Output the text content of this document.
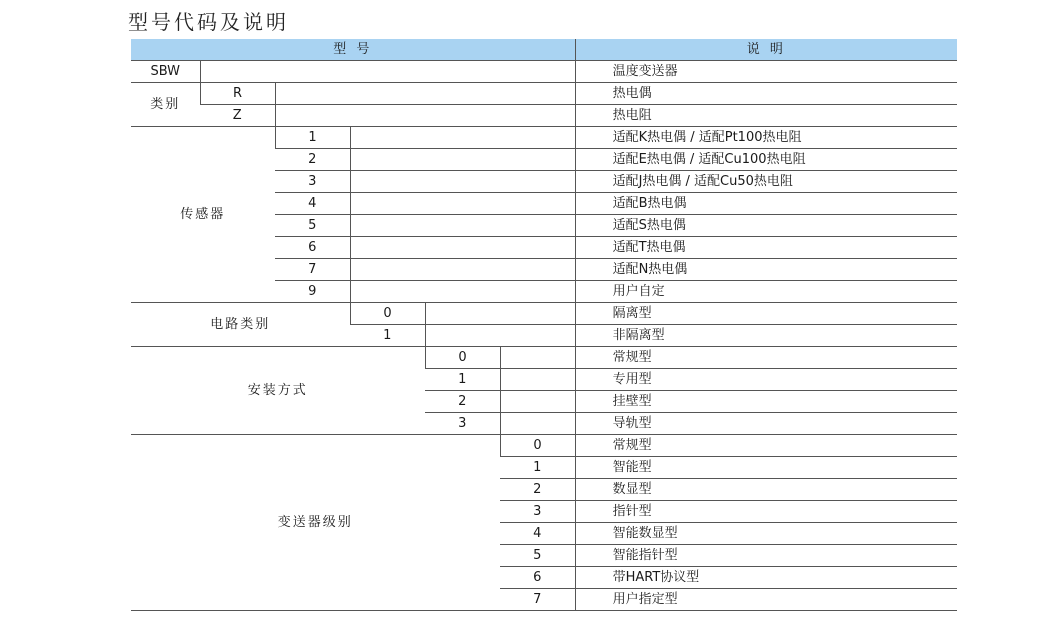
型号代码及说明
型 号						说 明
SBW						温度变送器
类别	R					热电偶
	Z					热电阻
传感器		1				适配K热电偶 / 适配Pt100热电阻
		2				适配E热电偶 / 适配Cu100热电阻
		3				适配J热电偶 / 适配Cu50热电阻
		4				适配B热电偶
		5				适配S热电偶
		6				适配T热电偶
		7				适配N热电偶
		9				用户自定
电路类别			0			隔离型
			1			非隔离型
安装方式				0		常规型
				1		专用型
				2		挂壁型
				3		导轨型
变送器级别					0	常规型
					1	智能型
					2	数显型
					3	指针型
					4	智能数显型
					5	智能指针型
					6	带HART协议型
					7	用户指定型
